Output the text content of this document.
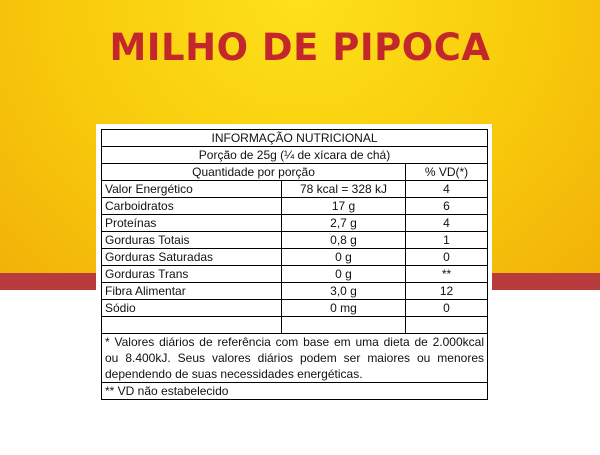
MILHO DE PIPOCA
INFORMAÇÃO NUTRICIONAL		
Porção de 25g (¼ de xícara de chá)		
Quantidade por porção		% VD(*)
Valor Energético	78 kcal = 328 kJ	4
Carboidratos	17 g	6
Proteínas	2,7 g	4
Gorduras Totais	0,8 g	1
Gorduras Saturadas	0 g	0
Gorduras Trans	0 g	**
Fibra Alimentar	3,0 g	12
Sódio	0 mg	0

* Valores diários de referência com base em uma dieta de 2.000kcal ou 8.400kJ. Seus valores diários podem ser maiores ou menores dependendo de suas necessidades energéticas.		
** VD não estabelecido		
